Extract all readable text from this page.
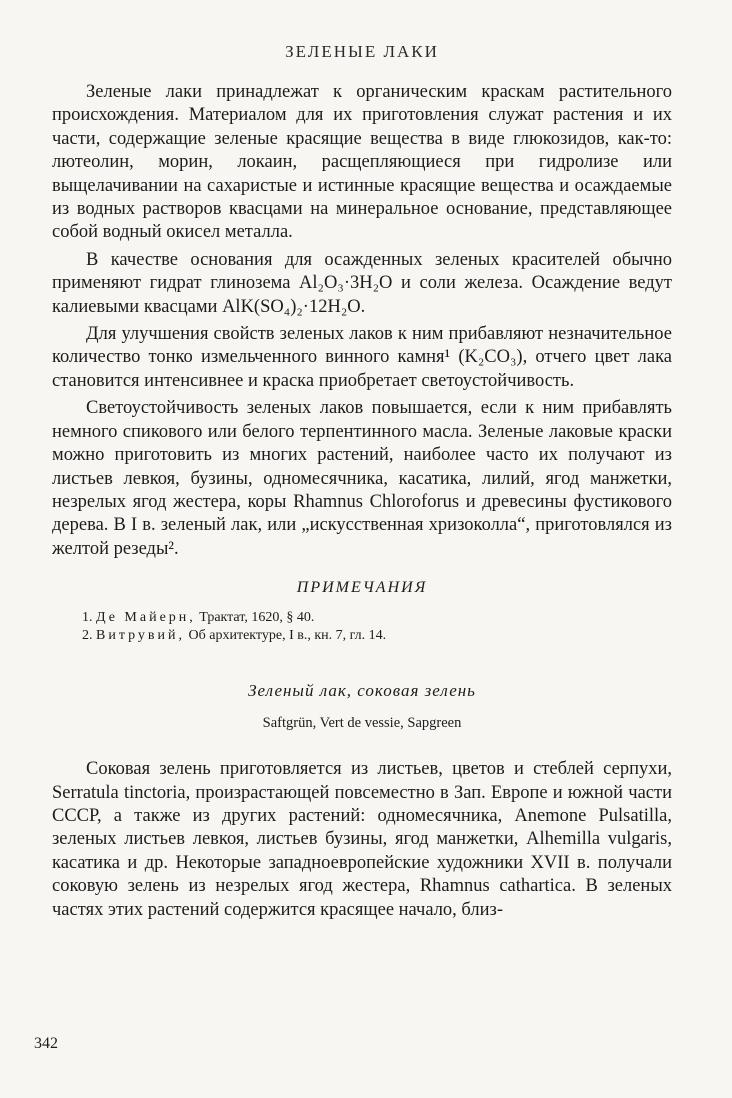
ЗЕЛЕНЫЕ ЛАКИ

Зеленые лаки принадлежат к органическим краскам растительного происхождения. Материалом для их приготовления служат растения и их части, содержащие зеленые красящие вещества в виде глюкозидов, как-то: лютеолин, морин, локаин, расщепляющиеся при гидролизе или выщелачивании на сахаристые и истинные красящие вещества и осаждаемые из водных растворов квасцами на минеральное основание, представляющее собой водный окисел металла.

В качестве основания для осажденных зеленых красителей обычно применяют гидрат глинозема Al₂O₃·3H₂O и соли железа. Осаждение ведут калиевыми квасцами AlK(SO₄)₂·12H₂O.

Для улучшения свойств зеленых лаков к ним прибавляют незначительное количество тонко измельченного винного камня¹ (K₂CO₃), отчего цвет лака становится интенсивнее и краска приобретает светоустойчивость.

Светоустойчивость зеленых лаков повышается, если к ним прибавлять немного спикового или белого терпентинного масла. Зеленые лаковые краски можно приготовить из многих растений, наиболее часто их получают из листьев левкоя, бузины, одномесячника, касатика, лилий, ягод манжетки, незрелых ягод жестера, коры Rhamnus Chloroforus и древесины фустикового дерева. В I в. зеленый лак, или „искусственная хризоколла“, приготовлялся из желтой резеды².

ПРИМЕЧАНИЯ
1. Де Майерн, Трактат, 1620, § 40.
2. Витрувий, Об архитектуре, I в., кн. 7, гл. 14.
Зеленый лак, соковая зелень
Saftgrün, Vert de vessie, Sapgreen

Соковая зелень приготовляется из листьев, цветов и стеблей серпухи, Serratula tinctoria, произрастающей повсеместно в Зап. Европе и южной части СССР, а также из других растений: одномесячника, Anemone Pulsatilla, зеленых листьев левкоя, листьев бузины, ягод манжетки, Alhemilla vulgaris, касатика и др. Некоторые западноевропейские художники XVII в. получали соковую зелень из незрелых ягод жестера, Rhamnus cathartica. В зеленых частях этих растений содержится красящее начало, близ-

342
